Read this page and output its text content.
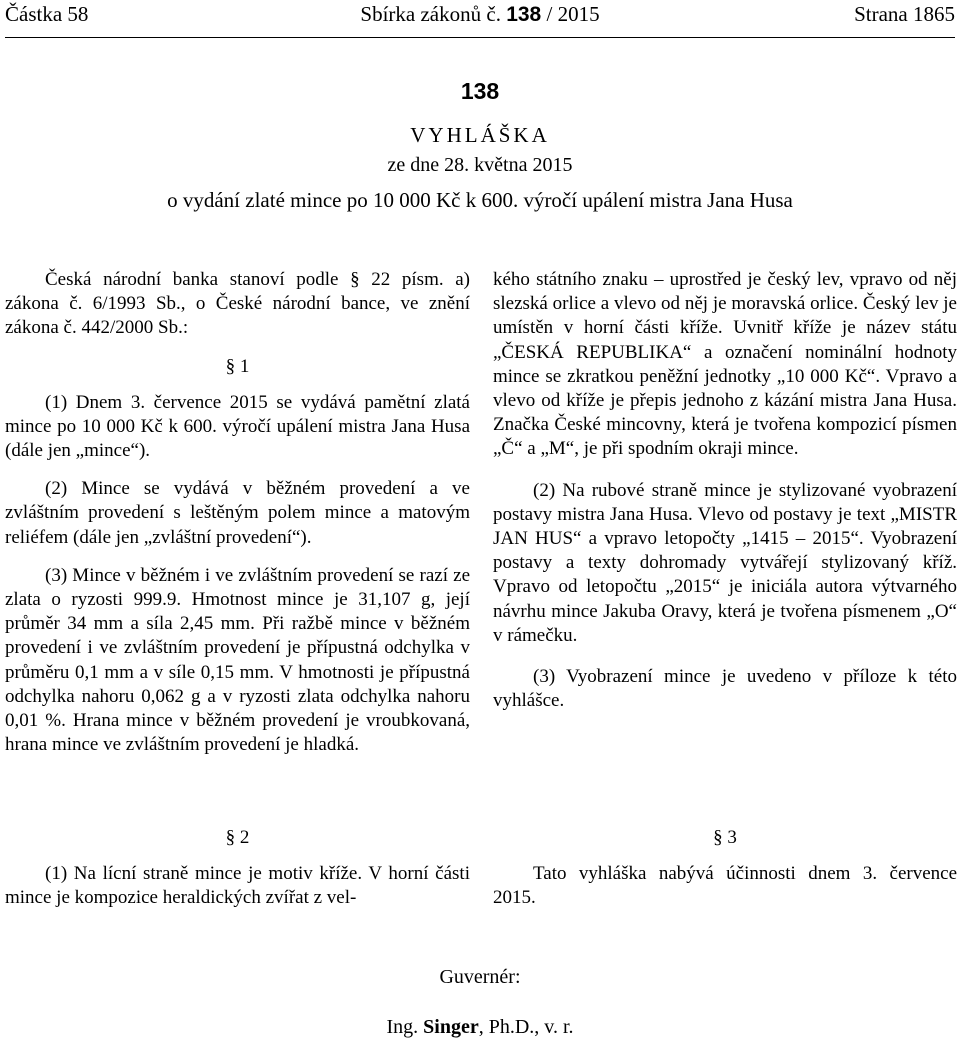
Částka 58	Sbírka zákonů č. 138 / 2015	Strana 1865
138
VYHLÁŠKA
ze dne 28. května 2015
o vydání zlaté mince po 10 000 Kč k 600. výročí upálení mistra Jana Husa

Česká národní banka stanoví podle § 22 písm. a) zákona č. 6/1993 Sb., o České národní bance, ve znění zákona č. 442/2000 Sb.:

§ 1

(1) Dnem 3. července 2015 se vydává pamětní zlatá mince po 10 000 Kč k 600. výročí upálení mistra Jana Husa (dále jen „mince“).

(2) Mince se vydává v běžném provedení a ve zvláštním provedení s leštěným polem mince a matovým reliéfem (dále jen „zvláštní provedení“).

(3) Mince v běžném i ve zvláštním provedení se razí ze zlata o ryzosti 999.9. Hmotnost mince je 31,107 g, její průměr 34 mm a síla 2,45 mm. Při ražbě mince v běžném provedení i ve zvláštním provedení je přípustná odchylka v průměru 0,1 mm a v síle 0,15 mm. V hmotnosti je přípustná odchylka nahoru 0,062 g a v ryzosti zlata odchylka nahoru 0,01 %. Hrana mince v běžném provedení je vroubkovaná, hrana mince ve zvláštním provedení je hladká.

kého státního znaku – uprostřed je český lev, vpravo od něj slezská orlice a vlevo od něj je moravská orlice. Český lev je umístěn v horní části kříže. Uvnitř kříže je název státu „ČESKÁ REPUBLIKA“ a označení nominální hodnoty mince se zkratkou peněžní jednotky „10 000 Kč“. Vpravo a vlevo od kříže je přepis jednoho z kázání mistra Jana Husa. Značka České mincovny, která je tvořena kompozicí písmen „Č“ a „M“, je při spodním okraji mince.

(2) Na rubové straně mince je stylizované vyobrazení postavy mistra Jana Husa. Vlevo od postavy je text „MISTR JAN HUS“ a vpravo letopočty „1415 – 2015“. Vyobrazení postavy a texty dohromady vytvářejí stylizovaný kříž. Vpravo od letopočtu „2015“ je iniciála autora výtvarného návrhu mince Jakuba Oravy, která je tvořena písmenem „O“ v rámečku.

(3) Vyobrazení mince je uvedeno v příloze k této vyhlášce.

§ 2

(1) Na lícní straně mince je motiv kříže. V horní části mince je kompozice heraldických zvířat z vel-

§ 3

Tato vyhláška nabývá účinnosti dnem 3. července 2015.

Guvernér:
Ing. Singer, Ph.D., v. r.
